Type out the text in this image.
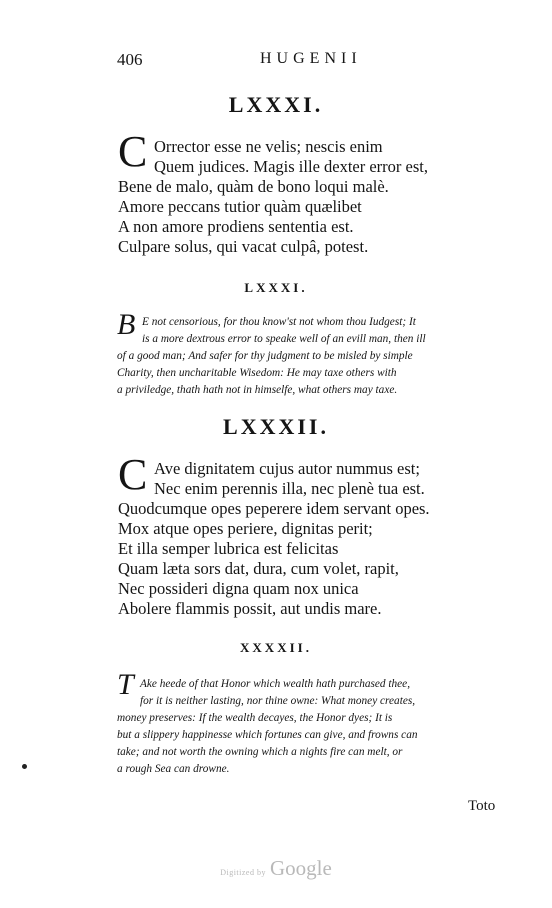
406	HUGENII
LXXXI.
C Orrector esse ne velis; nescis enim
Quem judices. Magis ille dexter error est,
Bene de malo, quàm de bono loqui malè.
Amore peccans tutior quàm quælibet
A non amore prodiens sententia est.
Culpare solus, qui vacat culpâ, potest.
LXXXI.
B E not censorious, for thou know'st not whom thou Iudgest; It
is a more dextrous error to speake well of an evill man, then ill
of a good man; And safer for thy judgment to be misled by simple
Charity, then uncharitable Wisedom: He may taxe others with
a priviledge, thath hath not in himselfe, what others may taxe.
LXXXII.
C Ave dignitatem cujus autor nummus est;
Nec enim perennis illa, nec plenè tua est.
Quodcumque opes peperere idem servant opes.
Mox atque opes periere, dignitas perit;
Et illa semper lubrica est felicitas
Quam læta sors dat, dura, cum volet, rapit,
Nec possideri digna quam nox unica
Abolere flammis possit, aut undis mare.
XXXXII.
T Ake heede of that Honor which wealth hath purchased thee,
for it is neither lasting, nor thine owne: What money creates,
money preserves: If the wealth decayes, the Honor dyes; It is
but a slippery happinesse which fortunes can give, and frowns can
take; and not worth the owning which a nights fire can melt, or
a rough Sea can drowne.
Toto
Digitized by Google
